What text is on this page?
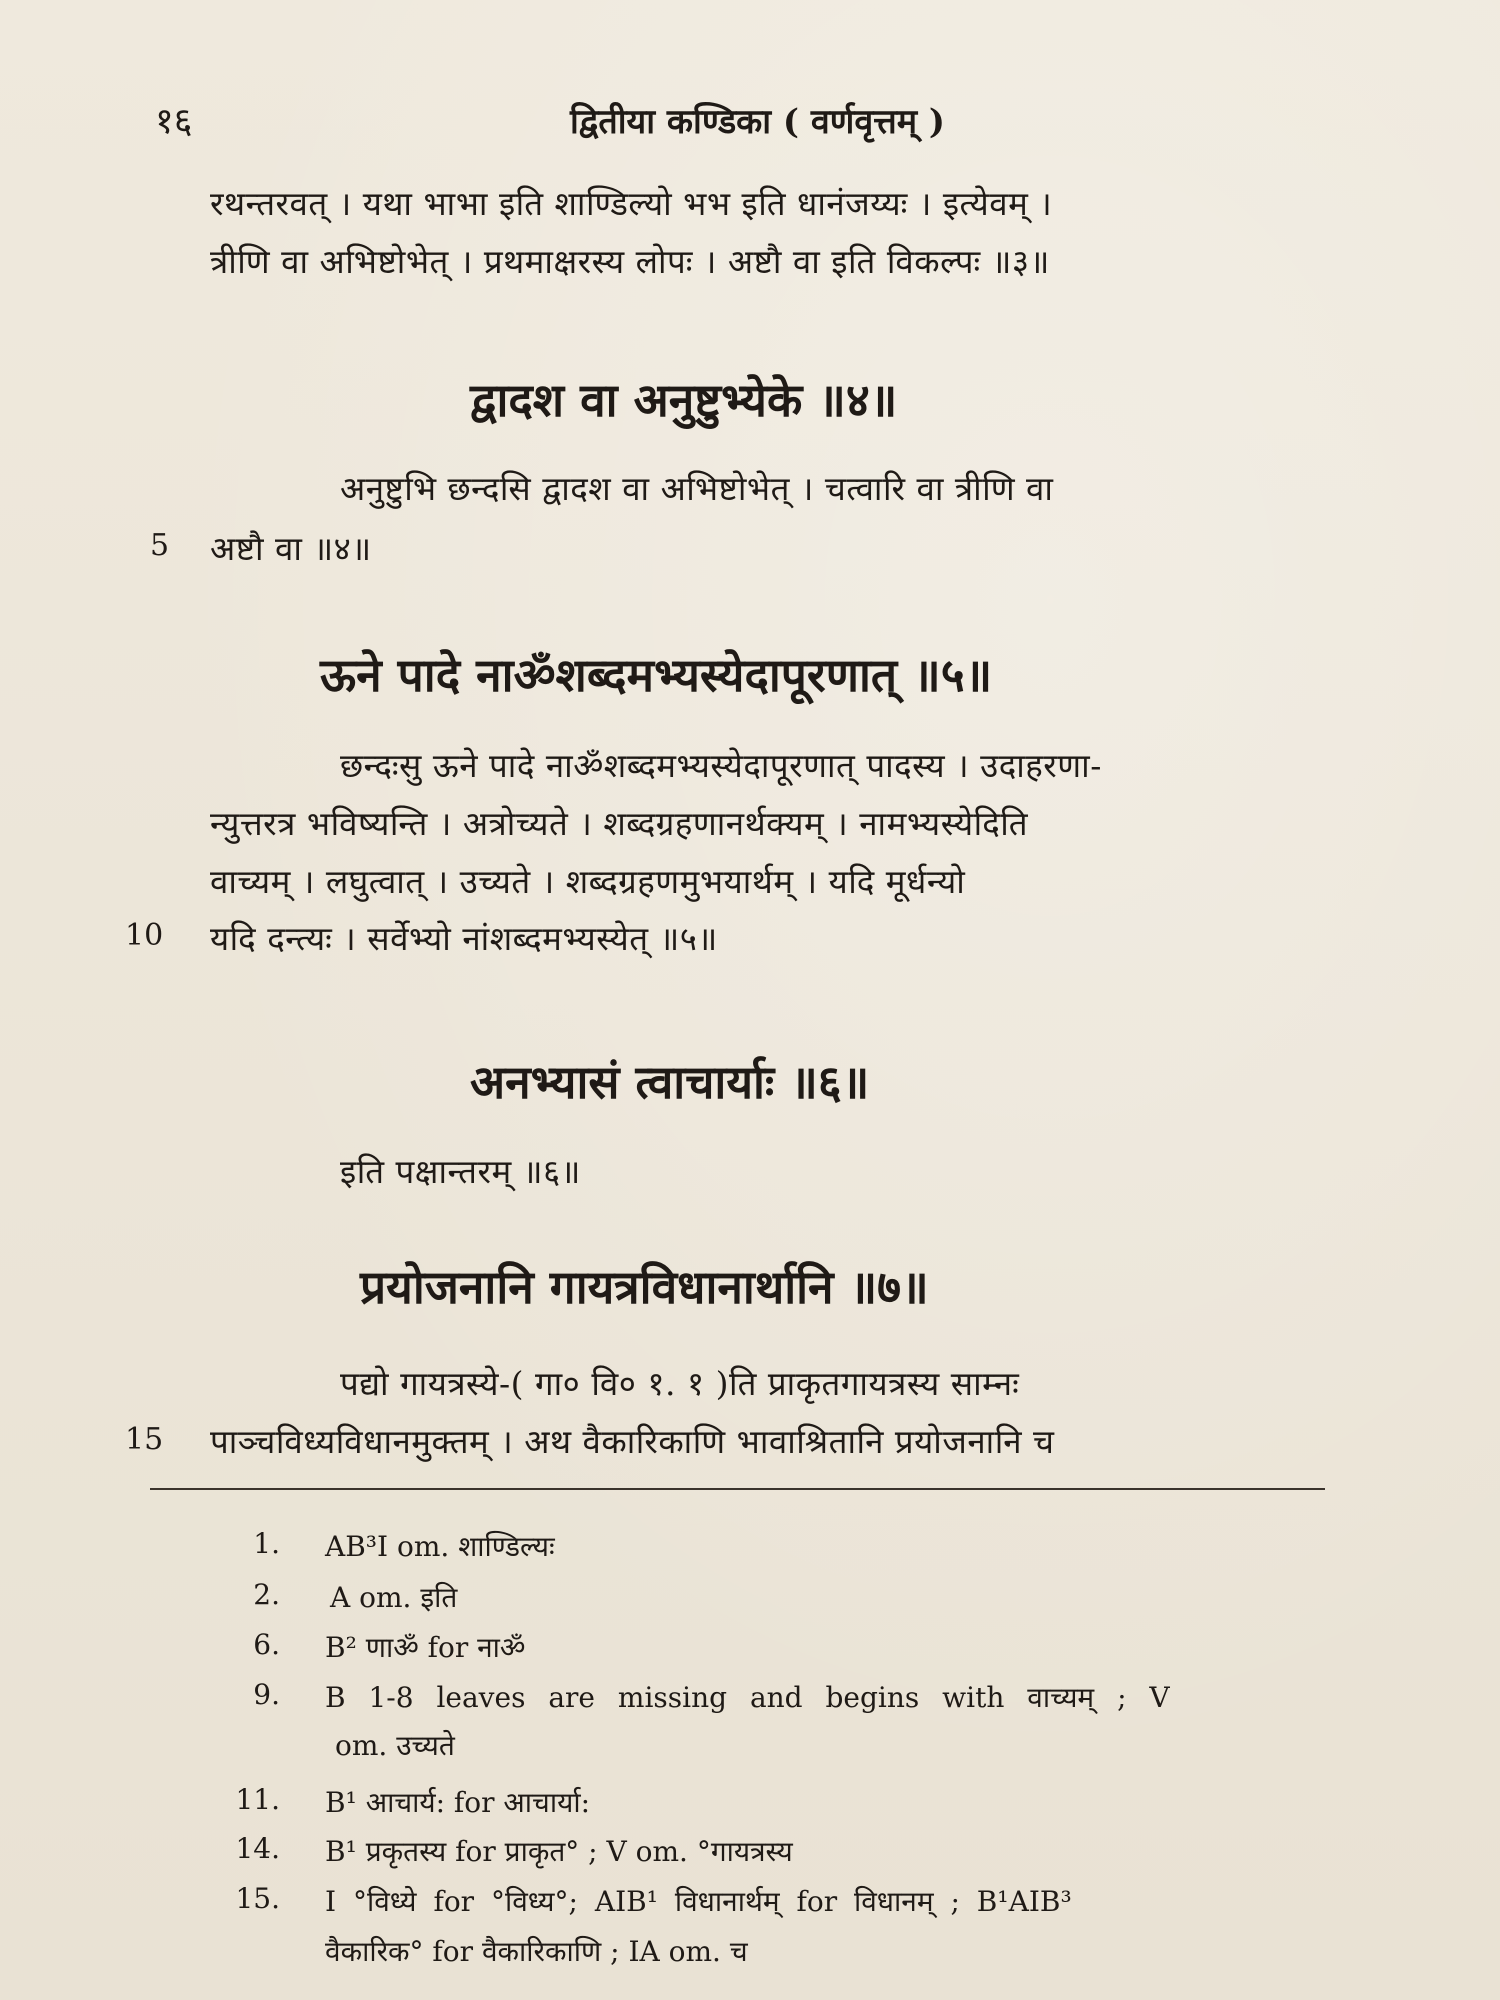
१६	द्वितीया कण्डिका ( वर्णवृत्तम् )
रथन्तरवत् । यथा भाभा इति शाण्डिल्यो भभ इति धानंजय्यः । इत्येवम् ।
त्रीणि वा अभिष्टोभेत् । प्रथमाक्षरस्य लोपः । अष्टौ वा इति विकल्पः ॥३॥
द्वादश वा अनुष्टुभ्येके ॥४॥
अनुष्टुभि छन्दसि द्वादश वा अभिष्टोभेत् । चत्वारि वा त्रीणि वा
5 अष्टौ वा ॥४॥
ऊने पादे नाॐशब्दमभ्यस्येदापूरणात् ॥५॥
छन्दःसु ऊने पादे नाॐशब्दमभ्यस्येदापूरणात् पादस्य । उदाहरणा-
न्युत्तरत्र भविष्यन्ति । अत्रोच्यते । शब्दग्रहणानर्थक्यम् । नामभ्यस्येदिति
वाच्यम् । लघुत्वात् । उच्यते । शब्दग्रहणमुभयार्थम् । यदि मूर्धन्यो
10 यदि दन्त्यः । सर्वेभ्यो नांशब्दमभ्यस्येत् ॥५॥
अनभ्यासं त्वाचार्याः ॥६॥
इति पक्षान्तरम् ॥६॥
प्रयोजनानि गायत्रविधानार्थानि ॥७॥
पद्यो गायत्रस्ये-( गा० वि० १. १ )ति प्राकृतगायत्रस्य साम्नः
15 पाञ्चविध्यविधानमुक्तम् । अथ वैकारिकाणि भावाश्रितानि प्रयोजनानि च
1. AB³I om. शाण्डिल्यः
2. A om. इति
6. B² णाॐ for नाॐ
9. B 1-8 leaves are missing and begins with वाच्यम् ; V
om. उच्यते
11. B¹ आचार्य: for आचार्या:
14. B¹ प्रकृतस्य for प्राकृत° ; V om. °गायत्रस्य
15. I °विध्ये for °विध्य°; AIB¹ विधानार्थम् for विधानम् ; B¹AIB³
वैकारिक° for वैकारिकाणि ; IA om. च
